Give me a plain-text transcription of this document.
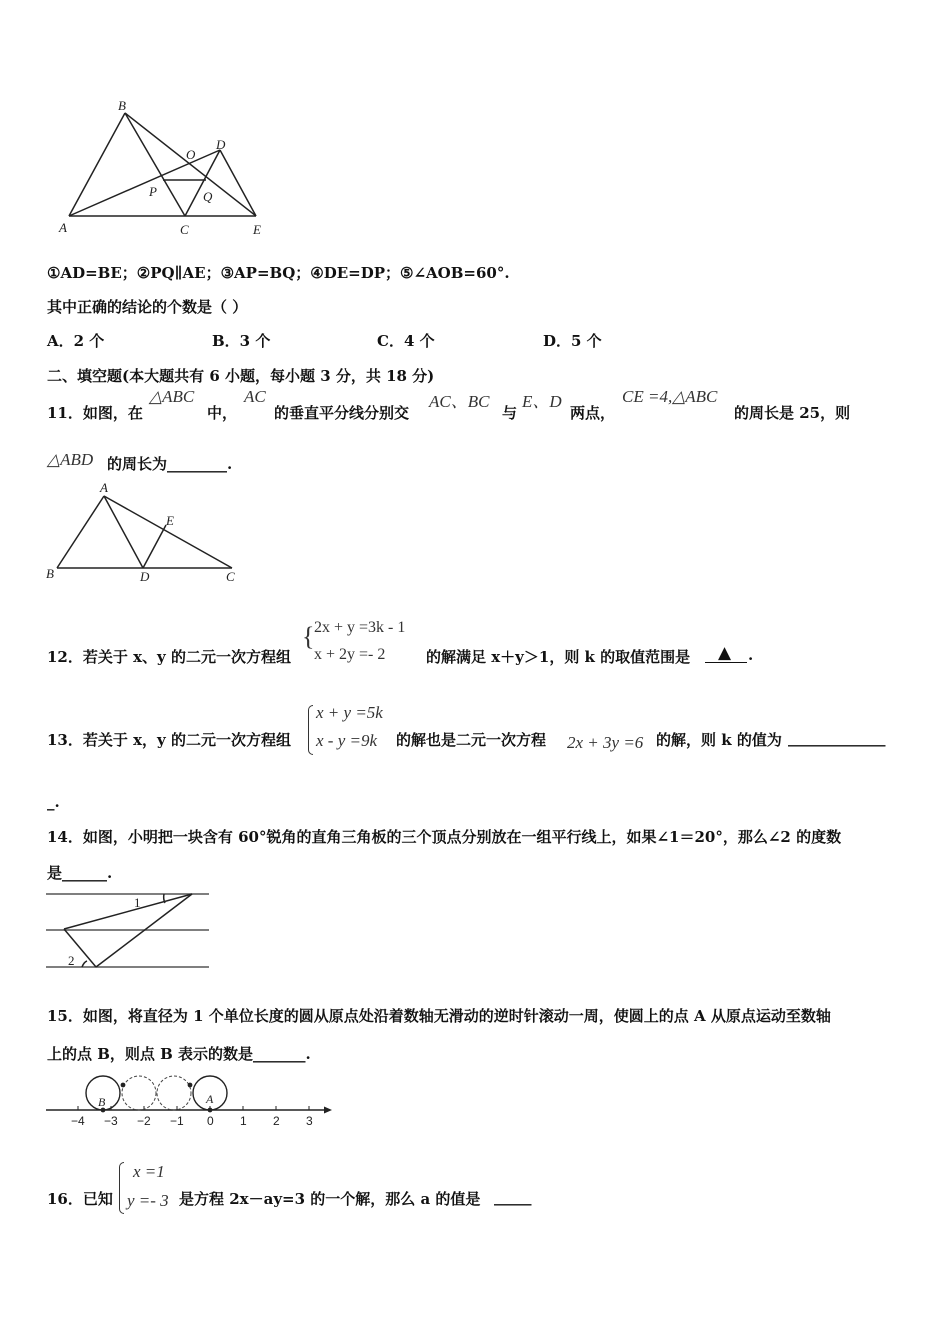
B
D
O
P	Q
A	C	E
①AD=BE；②PQ∥AE；③AP=BQ；④DE=DP；⑤∠AOB=60°.
其中正确的结论的个数是（ ）
A．2 个	B．3 个	C．4 个	D．5 个
二、填空题(本大题共有 6 小题，每小题 3 分，共 18 分)
11．如图，在
△ABC
中，
AC
的垂直平分线分别交
AC、BC
与
E、D
两点，
CE =4,△ABC
的周长是 25，则
△ABD 的周长为________.
A
E
B	D	C
12．若关于 x、y 的二元一次方程组
{ 2x + y =3k - 1
x + 2y =- 2	的解满足 x＋y＞1，则 k 的取值范围是 ▲ .
13．若关于 x，y 的二元一次方程组
x + y =5k
x - y =9k 的解也是二元一次方程 2x + 3y =6 的解，则 k 的值为 _____________
_.
14．如图，小明把一块含有 60°锐角的直角三角板的三个顶点分别放在一组平行线上，如果∠1＝20°，那么∠2 的度数
是______.
1
2
15．如图，将直径为 1 个单位长度的圆从原点处沿着数轴无滑动的逆时针滚动一周，使圆上的点 A 从原点运动至数轴
上的点 B，则点 B 表示的数是_______.
B	A
−4 −3 −2 −1 0 1 2 3
16．已知
x =1
y =- 3 是方程 2x－ay=3 的一个解，那么 a 的值是 _____
